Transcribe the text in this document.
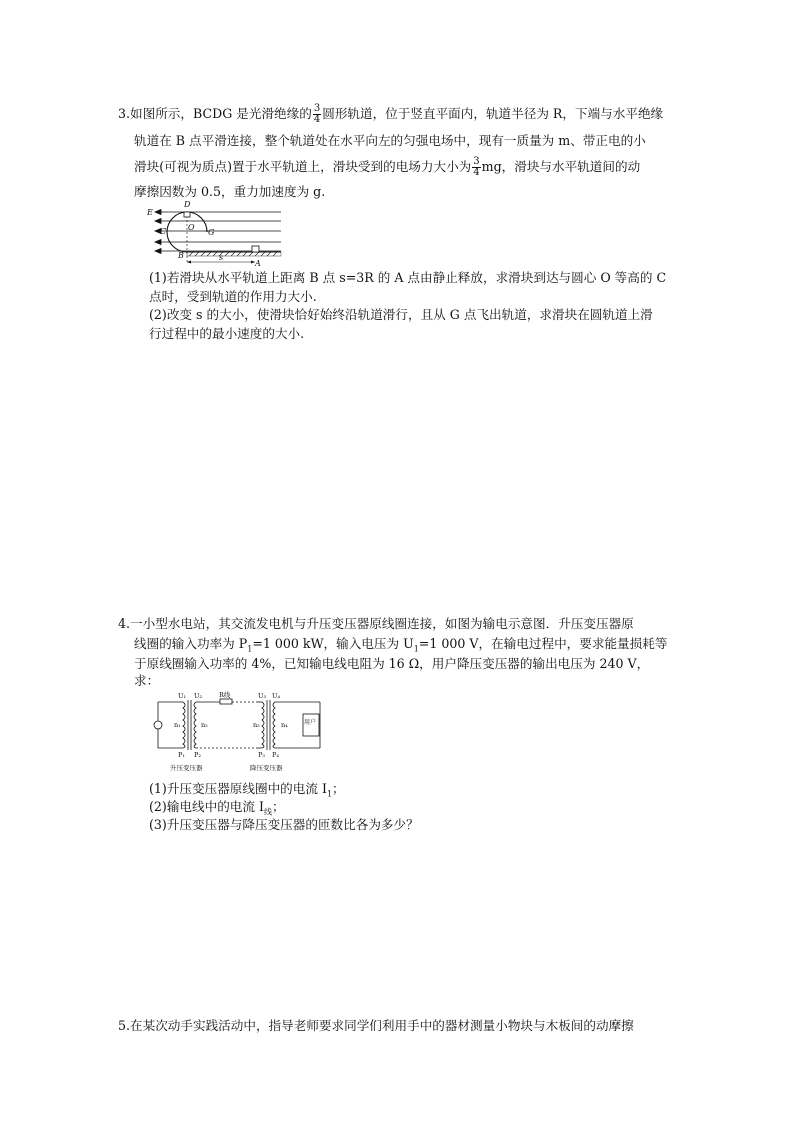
3.如图所示，BCDG 是光滑绝缘的 $\frac{3}{4}$ 圆形轨道，位于竖直平面内，轨道半径为 R，下端与水平绝缘
轨道在 B 点平滑连接，整个轨道处在水平向左的匀强电场中，现有一质量为 m、带正电的小
滑块(可视为质点)置于水平轨道上，滑块受到的电场力大小为 $\frac{3}{4}$ mg，滑块与水平轨道间的动
摩擦因数为 0.5，重力加速度为 g.
E
D
C	O
G
B	s
A
(1)若滑块从水平轨道上距离 B 点 s=3R 的 A 点由静止释放，求滑块到达与圆心 O 等高的 C
点时，受到轨道的作用力大小.
(2)改变 s 的大小，使滑块恰好始终沿轨道滑行，且从 G 点飞出轨道，求滑块在圆轨道上滑
行过程中的最小速度的大小.
4.一小型水电站，其交流发电机与升压变压器原线圈连接，如图为输电示意图．升压变压器原
线圈的输入功率为 $P_1=1$ 000 kW，输入电压为 $U_1=1$ 000 V，在输电过程中，要求能量损耗等
于原线圈输入功率的 4%，已知输电线电阻为 16 Ω，用户降压变压器的输出电压为 240 V，
求：
U₁ U₂	R线	U₃ U₄
n₁	n₂	n₃	n₄	用户
P₁ P₂	P₃ P₄
升压变压器	降压变压器
(1)升压变压器原线圈中的电流 $I_1$；
(2)输电线中的电流 $I_线$；
(3)升压变压器与降压变压器的匝数比各为多少？
5.在某次动手实践活动中，指导老师要求同学们利用手中的器材测量小物块与木板间的动摩擦
